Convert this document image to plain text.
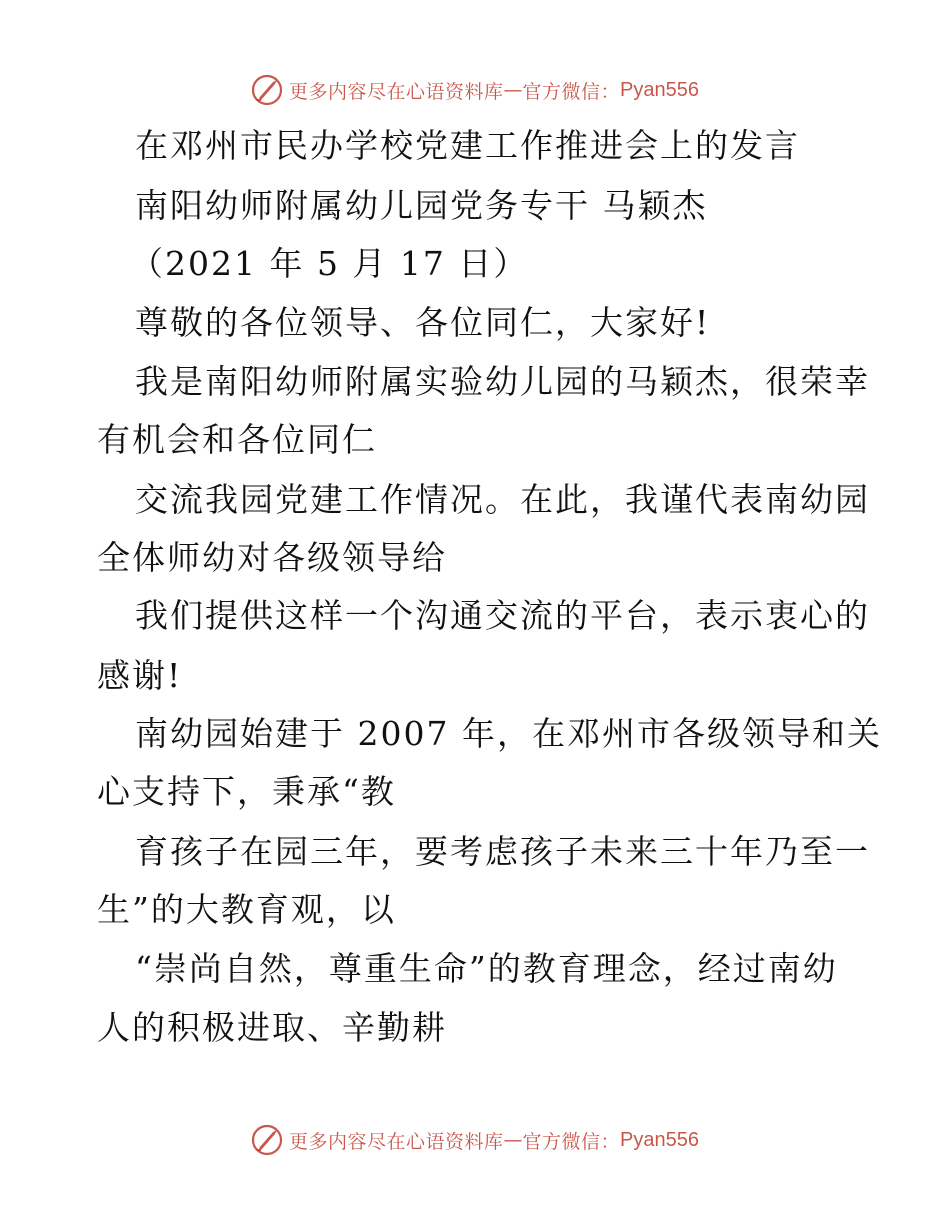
更多内容尽在心语资料库 — 官方微信： Pyan556
在邓州市民办学校党建工作推进会上的发言
南阳幼师附属幼儿园党务专干 马颖杰
（2021 年 5 月 17 日）
尊敬的各位领导、各位同仁，大家好!
我是南阳幼师附属实验幼儿园的马颖杰，很荣幸
有机会和各位同仁
交流我园党建工作情况。在此，我谨代表南幼园
全体师幼对各级领导给
我们提供这样一个沟通交流的平台，表示衷心的
感谢!
南幼园始建于 2007 年，在邓州市各级领导和关
心支持下，秉承“教
育孩子在园三年，要考虑孩子未来三十年乃至一
生”的大教育观，以
“崇尚自然，尊重生命”的教育理念，经过南幼
人的积极进取、辛勤耕
更多内容尽在心语资料库 — 官方微信： Pyan556
